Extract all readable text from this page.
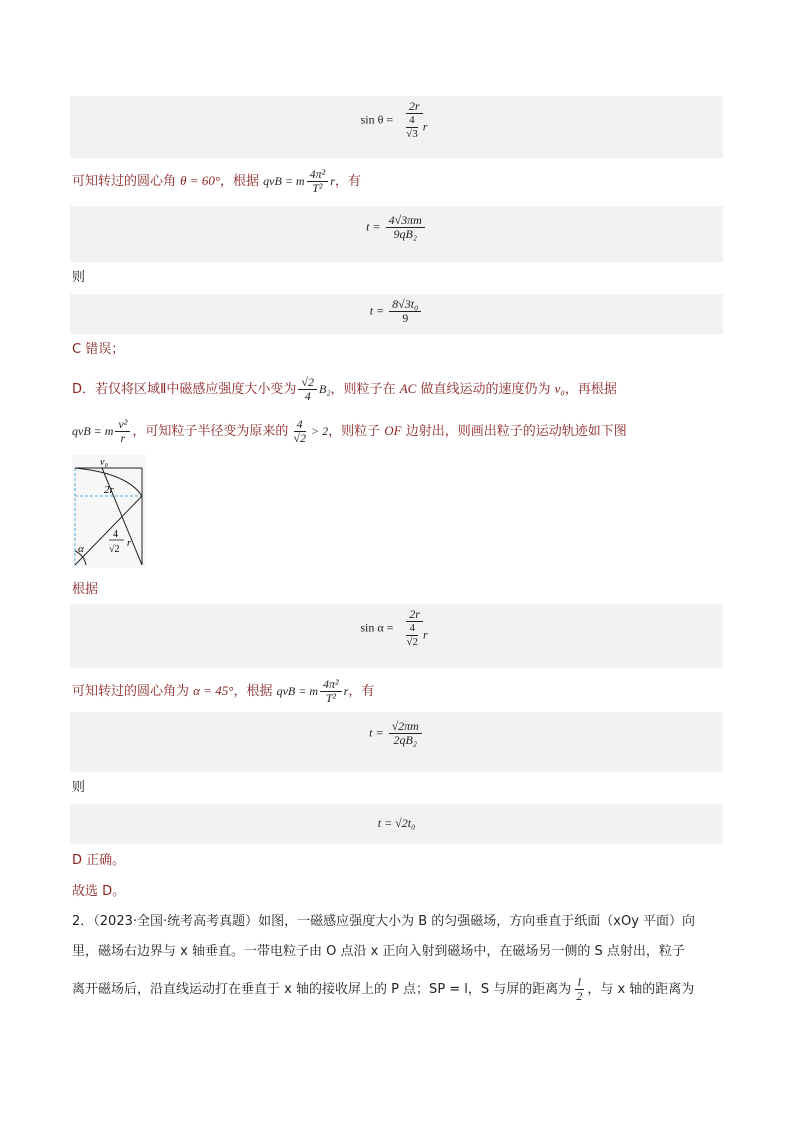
$\sin \theta = \frac{2r}{\frac{4}{√3} r}$
可知转过的圆心角 θ = 60°，根据 qvB = m $\frac{\text{4π²}}{\text{T²}}$ r，有
$t = \frac{4√3\pi m}{\text{9qB₂}}$
则
$t = \frac{\text{8√3t₀}}{9}$
C 错误；
D．若仅将区域Ⅱ中磁感应强度大小变为 $\frac{√2}{4} B_2$，则粒子在 AC 做直线运动的速度仍为 v₀，再根据
qvB = m $\frac{\text{v²}}{r}$ ，可知粒子半径变为原来的 $\frac{4}{√2} > 2$，则粒子 OF 边射出，则画出粒子的运动轨迹如下图
v₀
2r
α
4
√2
r
根据
$\sin \alpha = \frac{2r}{\frac{4}{√2} r}$
可知转过的圆心角为 α = 45°，根据 qvB = m $\frac{\text{4π²}}{\text{T²}}$ r，有
$t = \frac{√2\pi m}{\text{2qB₂}}$
则
t = √2t₀
D 正确。
故选 D。
2．（2023·全国·统考高考真题）如图，一磁感应强度大小为 B 的匀强磁场，方向垂直于纸面（xOy 平面）向
里，磁场右边界与 x 轴垂直。一带电粒子由 O 点沿 x 正向入射到磁场中，在磁场另一侧的 S 点射出，粒子
离开磁场后，沿直线运动打在垂直于 x 轴的接收屏上的 P 点；SP = l，S 与屏的距离为 $\frac{l}{2}$ ，与 x 轴的距离为
